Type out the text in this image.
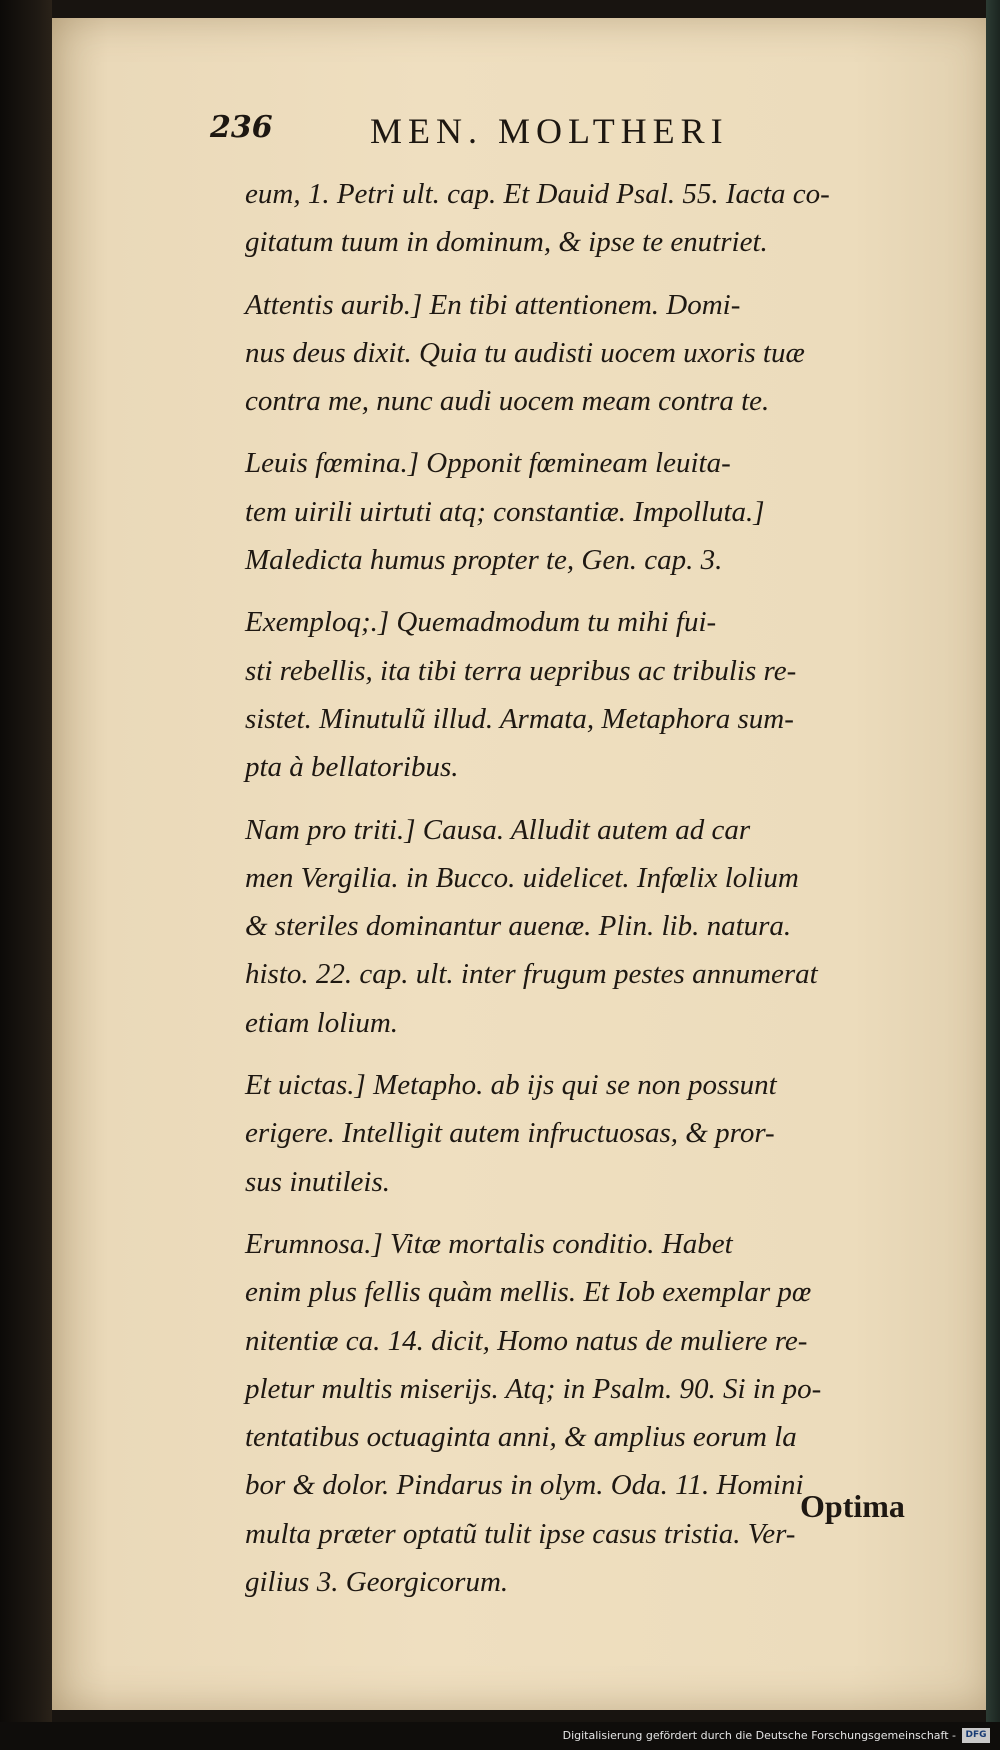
236	MEN. MOLTHERI
eum, 1. Petri ult. cap. Et Dauid Psal. 55. Iacta co-
gitatum tuum in dominum, & ipse te enutriet.
Attentis aurib.] En tibi attentionem. Domi-
nus deus dixit. Quia tu audisti uocem uxoris tuæ
contra me, nunc audi uocem meam contra te.
Leuis fœmina.] Opponit fœmineam leuita-
tem uirili uirtuti atq; constantiæ. Impolluta.]
Maledicta humus propter te, Gen. cap. 3.
Exemploq;.] Quemadmodum tu mihi fui-
sti rebellis, ita tibi terra uepribus ac tribulis re-
sistet. Minutulũ illud. Armata, Metaphora sum-
pta à bellatoribus.
Nam pro triti.] Causa. Alludit autem ad car
men Vergilia. in Bucco. uidelicet. Infœlix lolium
& steriles dominantur auenæ. Plin. lib. natura.
histo. 22. cap. ult. inter frugum pestes annumerat
etiam lolium.
Et uictas.] Metapho. ab ijs qui se non possunt
erigere. Intelligit autem infructuosas, & pror-
sus inutileis.
Erumnosa.] Vitæ mortalis conditio. Habet
enim plus fellis quàm mellis. Et Iob exemplar pœ
nitentiæ ca. 14. dicit, Homo natus de muliere re-
pletur multis miserijs. Atq; in Psalm. 90. Si in po-
tentatibus octuaginta anni, & amplius eorum la
bor & dolor. Pindarus in olym. Oda. 11. Homini
multa præter optatũ tulit ipse casus tristia. Ver-
gilius 3. Georgicorum.
Optima
Digitalisierung gefördert durch die Deutsche Forschungsgemeinschaft -	DFG
